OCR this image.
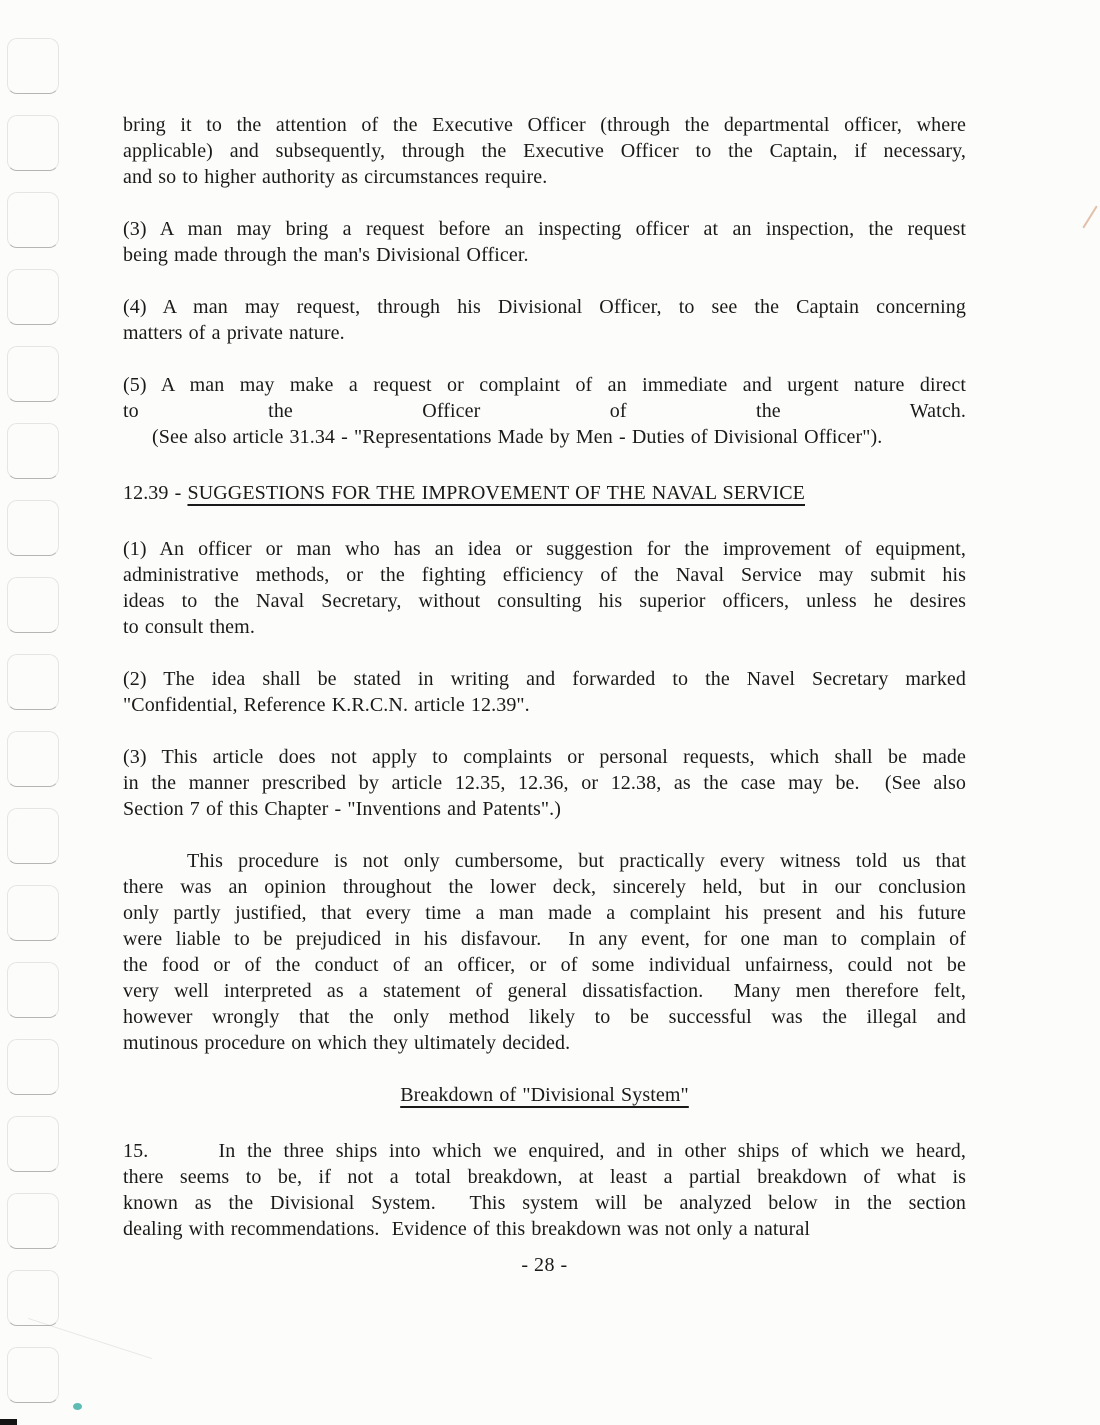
bring it to the attention of the Executive Officer (through the departmental officer, where
applicable) and subsequently, through the Executive Officer to the Captain, if necessary,
and so to higher authority as circumstances require.
(3) A man may bring a request before an inspecting officer at an inspection, the request
being made through the man's Divisional Officer.
(4) A man may request, through his Divisional Officer, to see the Captain concerning
matters of a private nature.
(5) A man may make a request or complaint of an immediate and urgent nature direct
to the Officer of the Watch.
(See also article 31.34 - "Representations Made by Men - Duties of Divisional Officer").
12.39 - SUGGESTIONS FOR THE IMPROVEMENT OF THE NAVAL SERVICE
(1) An officer or man who has an idea or suggestion for the improvement of equipment,
administrative methods, or the fighting efficiency of the Naval Service may submit his
ideas to the Naval Secretary, without consulting his superior officers, unless he desires
to consult them.
(2) The idea shall be stated in writing and forwarded to the Navel Secretary marked
"Confidential, Reference K.R.C.N. article 12.39".
(3) This article does not apply to complaints or personal requests, which shall be made
in the manner prescribed by article 12.35, 12.36, or 12.38, as the case may be.  (See also
Section 7 of this Chapter - "Inventions and Patents".)
This procedure is not only cumbersome, but practically every witness told us that
there was an opinion throughout the lower deck, sincerely held, but in our conclusion
only partly justified, that every time a man made a complaint his present and his future
were liable to be prejudiced in his disfavour.  In any event, for one man to complain of
the food or of the conduct of an officer, or of some individual unfairness, could not be
very well interpreted as a statement of general dissatisfaction.  Many men therefore felt,
however wrongly that the only method likely to be successful was the illegal and
mutinous procedure on which they ultimately decided.
Breakdown of "Divisional System"
15.      In the three ships into which we enquired, and in other ships of which we heard,
there seems to be, if not a total breakdown, at least a partial breakdown of what is
known as the Divisional System.  This system will be analyzed below in the section
dealing with recommendations.  Evidence of this breakdown was not only a natural
- 28 -
